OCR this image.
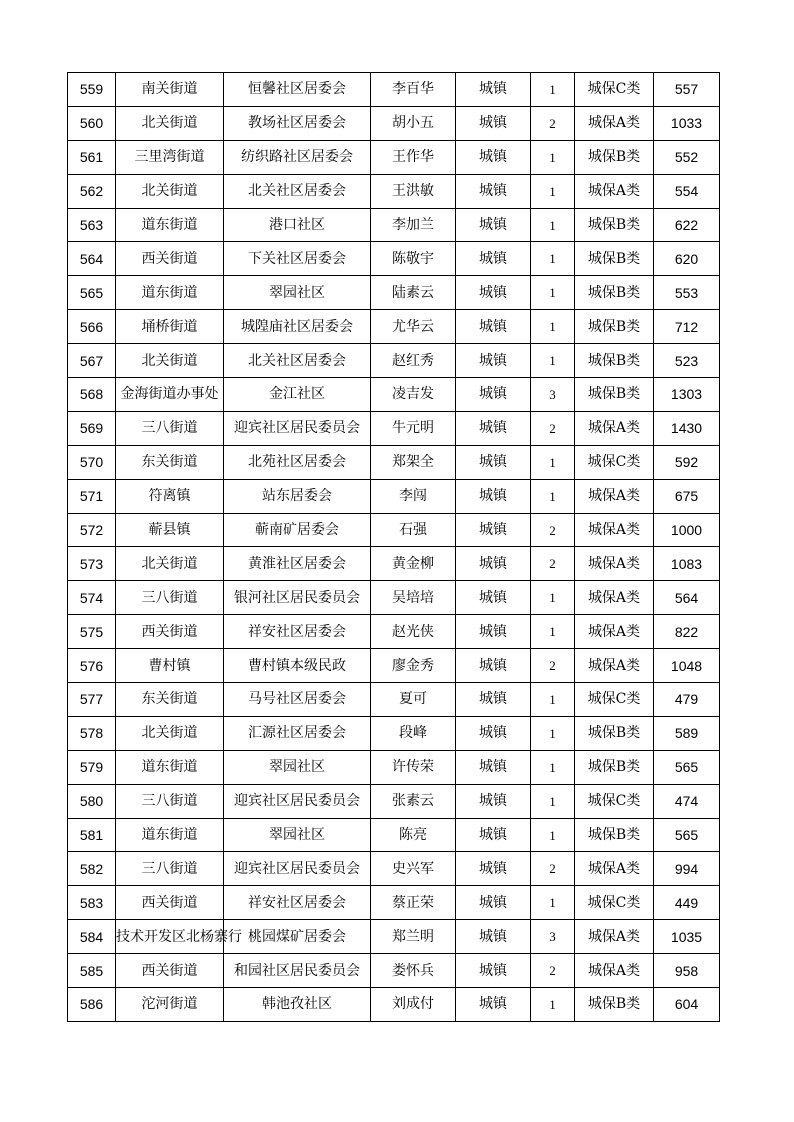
559	南关街道	恒馨社区居委会	李百华	城镇	1	城保C类	557
560	北关街道	教场社区居委会	胡小五	城镇	2	城保A类	1033
561	三里湾街道	纺织路社区居委会	王作华	城镇	1	城保B类	552
562	北关街道	北关社区居委会	王洪敏	城镇	1	城保A类	554
563	道东街道	港口社区	李加兰	城镇	1	城保B类	622
564	西关街道	下关社区居委会	陈敬宇	城镇	1	城保B类	620
565	道东街道	翠园社区	陆素云	城镇	1	城保B类	553
566	埇桥街道	城隍庙社区居委会	尤华云	城镇	1	城保B类	712
567	北关街道	北关社区居委会	赵红秀	城镇	1	城保B类	523
568	金海街道办事处	金江社区	凌吉发	城镇	3	城保B类	1303
569	三八街道	迎宾社区居民委员会	牛元明	城镇	2	城保A类	1430
570	东关街道	北苑社区居委会	郑架全	城镇	1	城保C类	592
571	符离镇	站东居委会	李闯	城镇	1	城保A类	675
572	蕲县镇	蕲南矿居委会	石强	城镇	2	城保A类	1000
573	北关街道	黄淮社区居委会	黄金柳	城镇	2	城保A类	1083
574	三八街道	银河社区居民委员会	吴培培	城镇	1	城保A类	564
575	西关街道	祥安社区居委会	赵光侠	城镇	1	城保A类	822
576	曹村镇	曹村镇本级民政	廖金秀	城镇	2	城保A类	1048
577	东关街道	马号社区居委会	夏可	城镇	1	城保C类	479
578	北关街道	汇源社区居委会	段峰	城镇	1	城保B类	589
579	道东街道	翠园社区	许传荣	城镇	1	城保B类	565
580	三八街道	迎宾社区居民委员会	张素云	城镇	1	城保C类	474
581	道东街道	翠园社区	陈亮	城镇	1	城保B类	565
582	三八街道	迎宾社区居民委员会	史兴军	城镇	2	城保A类	994
583	西关街道	祥安社区居委会	蔡正荣	城镇	1	城保C类	449
584	技术开发区北杨寨行	桃园煤矿居委会	郑兰明	城镇	3	城保A类	1035
585	西关街道	和园社区居民委员会	娄怀兵	城镇	2	城保A类	958
586	沱河街道	韩池孜社区	刘成付	城镇	1	城保B类	604
